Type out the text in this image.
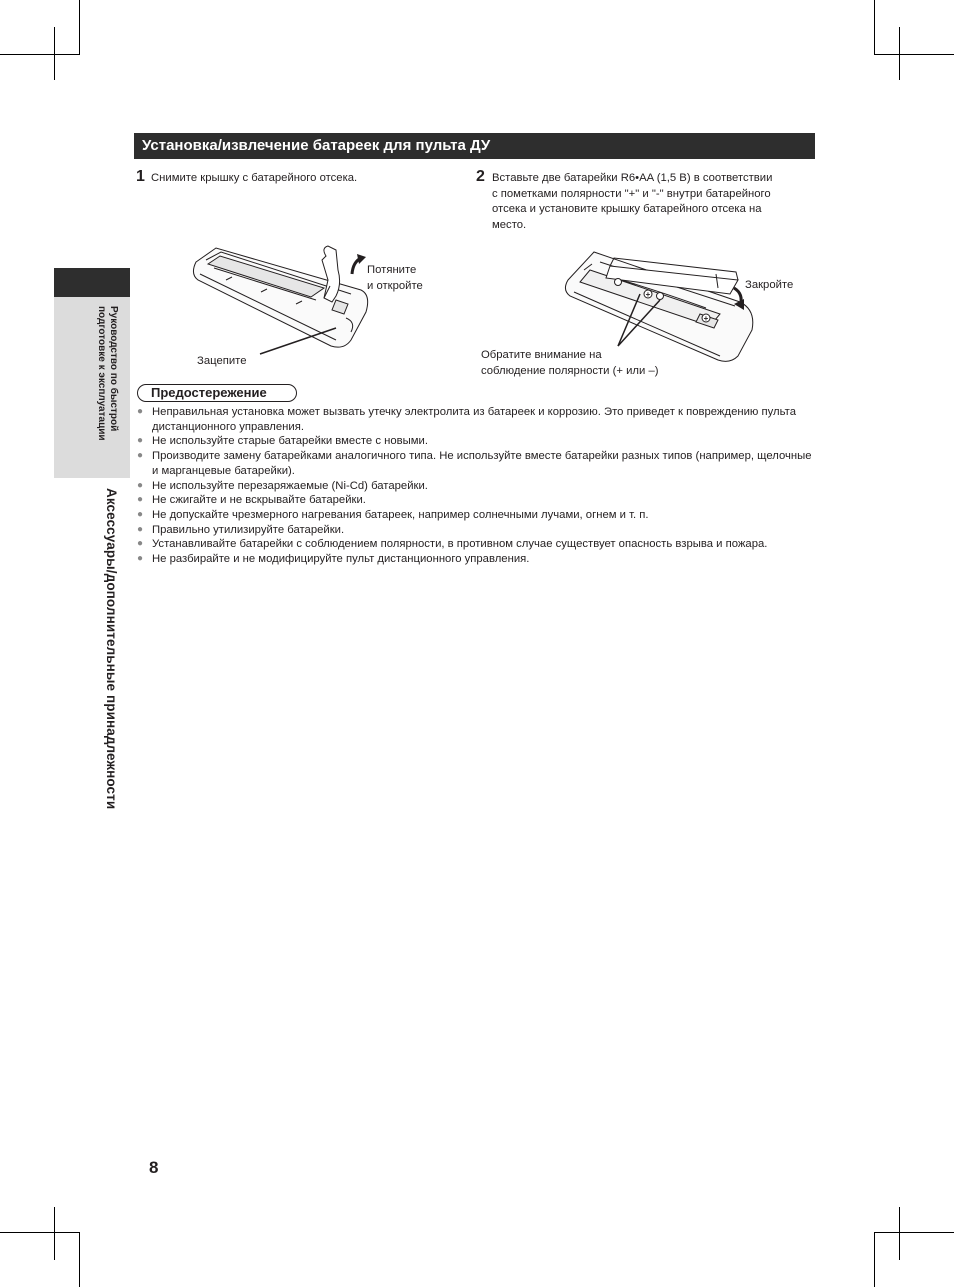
Руководство по быстрой подготовке к эксплуатации
Аксессуары/дополнительные принадлежности
Установка/извлечение батареек для пульта ДУ
1 Снимите крышку с батарейного отсека.
Потяните
и откройте
Зацепите
2 Вставьте две батарейки R6•AA (1,5 В) в соответствии
с пометками полярности "+" и "-" внутри батарейного
отсека и установите крышку батарейного отсека на
место.
+
+
Закройте
Обратите внимание на
соблюдение полярности (+ или –)
Предостережение
● Неправильная установка может вызвать утечку электролита из батареек и коррозию. Это приведет к повреждению пульта дистанционного управления.
● Не используйте старые батарейки вместе с новыми.
● Производите замену батарейками аналогичного типа. Не используйте вместе батарейки разных типов (например, щелочные и марганцевые батарейки).
● Не используйте перезаряжаемые (Ni-Cd) батарейки.
● Не сжигайте и не вскрывайте батарейки.
● Не допускайте чрезмерного нагревания батареек, например солнечными лучами, огнем и т. п.
● Правильно утилизируйте батарейки.
● Устанавливайте батарейки с соблюдением полярности, в противном случае существует опасность взрыва и пожара.
● Не разбирайте и не модифицируйте пульт дистанционного управления.
8
